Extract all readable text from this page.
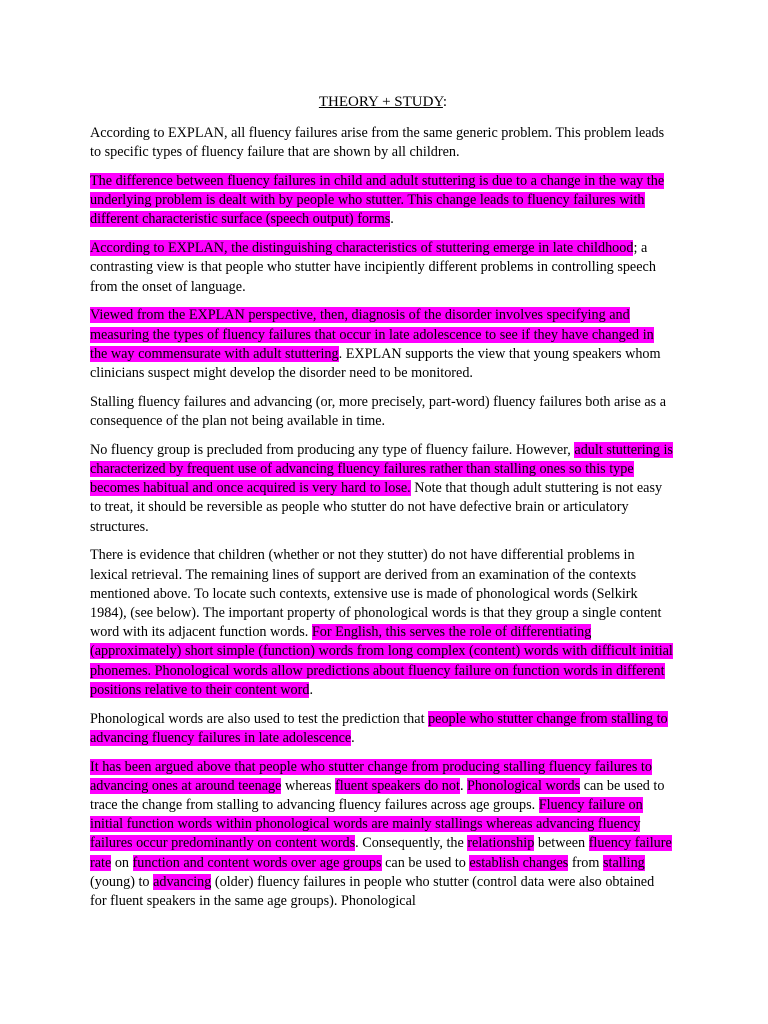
THEORY + STUDY:

According to EXPLAN, all fluency failures arise from the same generic problem. This problem leads to specific types of fluency failure that are shown by all children.

The difference between fluency failures in child and adult stuttering is due to a change in the way the underlying problem is dealt with by people who stutter. This change leads to fluency failures with different characteristic surface (speech output) forms.

According to EXPLAN, the distinguishing characteristics of stuttering emerge in late childhood; a contrasting view is that people who stutter have incipiently different problems in controlling speech from the onset of language.

Viewed from the EXPLAN perspective, then, diagnosis of the disorder involves specifying and measuring the types of fluency failures that occur in late adolescence to see if they have changed in the way commensurate with adult stuttering. EXPLAN supports the view that young speakers whom clinicians suspect might develop the disorder need to be monitored.

Stalling fluency failures and advancing (or, more precisely, part-word) fluency failures both arise as a consequence of the plan not being available in time.

No fluency group is precluded from producing any type of fluency failure. However, adult stuttering is characterized by frequent use of advancing fluency failures rather than stalling ones so this type becomes habitual and once acquired is very hard to lose. Note that though adult stuttering is not easy to treat, it should be reversible as people who stutter do not have defective brain or articulatory structures.

There is evidence that children (whether or not they stutter) do not have differential problems in lexical retrieval. The remaining lines of support are derived from an examination of the contexts mentioned above. To locate such contexts, extensive use is made of phonological words (Selkirk 1984), (see below). The important property of phonological words is that they group a single content word with its adjacent function words. For English, this serves the role of differentiating (approximately) short simple (function) words from long complex (content) words with difficult initial phonemes. Phonological words allow predictions about fluency failure on function words in different positions relative to their content word.

Phonological words are also used to test the prediction that people who stutter change from stalling to advancing fluency failures in late adolescence.

It has been argued above that people who stutter change from producing stalling fluency failures to advancing ones at around teenage whereas fluent speakers do not. Phonological words can be used to trace the change from stalling to advancing fluency failures across age groups. Fluency failure on initial function words within phonological words are mainly stallings whereas advancing fluency failures occur predominantly on content words. Consequently, the relationship between fluency failure rate on function and content words over age groups can be used to establish changes from stalling (young) to advancing (older) fluency failures in people who stutter (control data were also obtained for fluent speakers in the same age groups). Phonological
